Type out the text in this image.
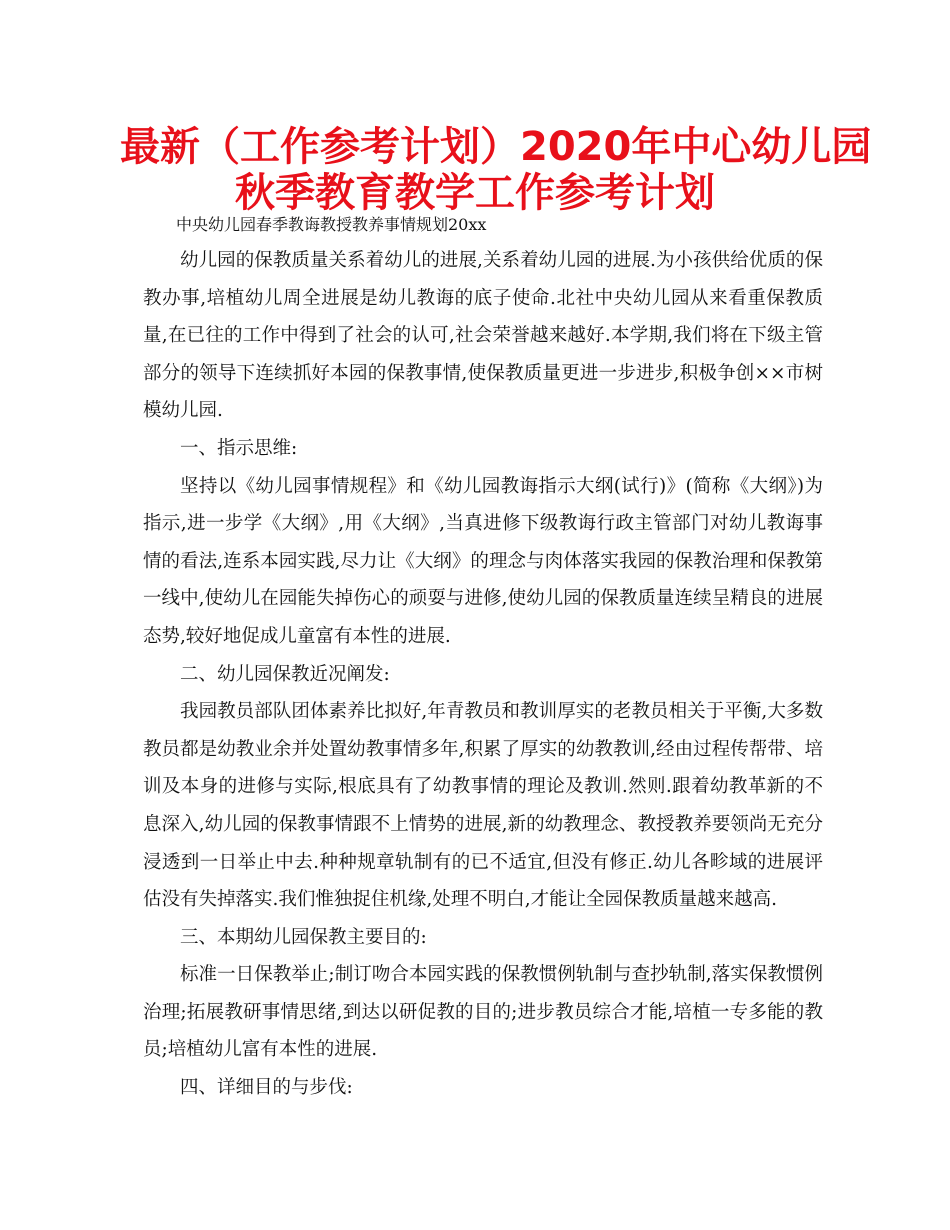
最新（工作参考计划）2020年中心幼儿园
秋季教育教学工作参考计划
中央幼儿园春季教诲教授教养事情规划20xx

幼儿园的保教质量关系着幼儿的进展,关系着幼儿园的进展.为小孩供给优质的保教办事,培植幼儿周全进展是幼儿教诲的底子使命.北社中央幼儿园从来看重保教质量,在已往的工作中得到了社会的认可,社会荣誉越来越好.本学期,我们将在下级主管部分的领导下连续抓好本园的保教事情,使保教质量更进一步进步,积极争创××市树模幼儿园.

一、指示思维:

坚持以《幼儿园事情规程》和《幼儿园教诲指示大纲(试行)》(简称《大纲》)为指示,进一步学《大纲》,用《大纲》,当真进修下级教诲行政主管部门对幼儿教诲事情的看法,连系本园实践,尽力让《大纲》的理念与肉体落实我园的保教治理和保教第一线中,使幼儿在园能失掉伤心的顽耍与进修,使幼儿园的保教质量连续呈精良的进展态势,较好地促成儿童富有本性的进展.

二、幼儿园保教近况阐发:

我园教员部队团体素养比拟好,年青教员和教训厚实的老教员相关于平衡,大多数教员都是幼教业余并处置幼教事情多年,积累了厚实的幼教教训,经由过程传帮带、培训及本身的进修与实际,根底具有了幼教事情的理论及教训.然则.跟着幼教革新的不息深入,幼儿园的保教事情跟不上情势的进展,新的幼教理念、教授教养要领尚无充分浸透到一日举止中去.种种规章轨制有的已不适宜,但没有修正.幼儿各畛域的进展评估没有失掉落实.我们惟独捉住机缘,处理不明白,才能让全园保教质量越来越高.

三、本期幼儿园保教主要目的:

标准一日保教举止;制订吻合本园实践的保教惯例轨制与查抄轨制,落实保教惯例治理;拓展教研事情思绪,到达以研促教的目的;进步教员综合才能,培植一专多能的教员;培植幼儿富有本性的进展.

四、详细目的与步伐:
